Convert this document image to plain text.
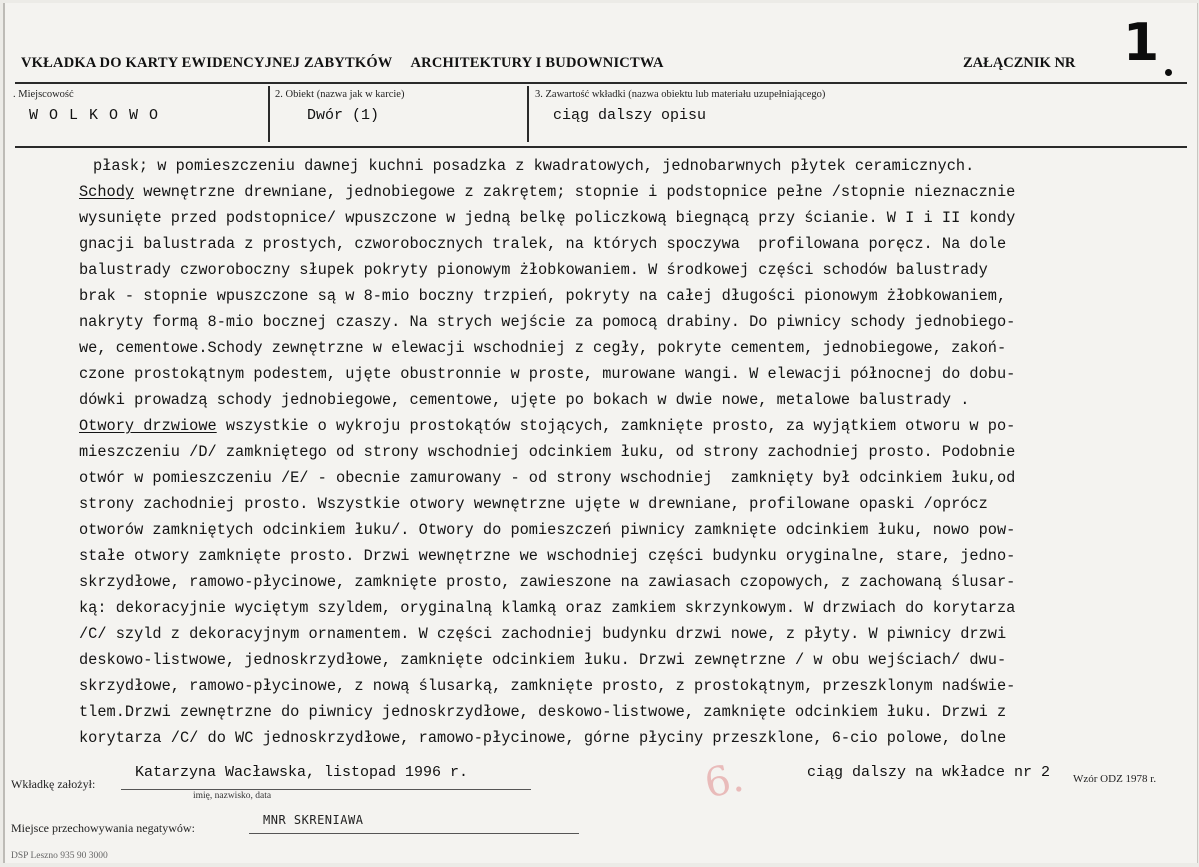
VKŁADKA DO KARTY EWIDENCYJNEJ ZABYTKÓW ARCHITEKTURY I BUDOWNICTWA	ZAŁĄCZNIK NR 1
. Miejscowość
W O L K O W O
2. Obiekt (nazwa jak w karcie)
Dwór (1)
3. Zawartość wkładki (nazwa obiektu lub materiału uzupełniającego)
ciąg dalszy opisu
płask; w pomieszczeniu dawnej kuchni posadzka z kwadratowych, jednobarwnych płytek ceramicznych.
Schody wewnętrzne drewniane, jednobiegowe z zakrętem; stopnie i podstopnice pełne /stopnie nieznacznie
wysunięte przed podstopnice/ wpuszczone w jedną belkę policzkową biegnącą przy ścianie. W I i II kondy
gnacji balustrada z prostych, czworobocznych tralek, na których spoczywa  profilowana poręcz. Na dole
balustrady czworoboczny słupek pokryty pionowym żłobkowaniem. W środkowej części schodów balustrady
brak - stopnie wpuszczone są w 8-mio boczny trzpień, pokryty na całej długości pionowym żłobkowaniem,
nakryty formą 8-mio bocznej czaszy. Na strych wejście za pomocą drabiny. Do piwnicy schody jednobiego-
we, cementowe.Schody zewnętrzne w elewacji wschodniej z cegły, pokryte cementem, jednobiegowe, zakoń-
czone prostokątnym podestem, ujęte obustronnie w proste, murowane wangi. W elewacji północnej do dobu-
dówki prowadzą schody jednobiegowe, cementowe, ujęte po bokach w dwie nowe, metalowe balustrady .
Otwory drzwiowe wszystkie o wykroju prostokątów stojących, zamknięte prosto, za wyjątkiem otworu w po-
mieszczeniu /D/ zamkniętego od strony wschodniej odcinkiem łuku, od strony zachodniej prosto. Podobnie
otwór w pomieszczeniu /E/ - obecnie zamurowany - od strony wschodniej  zamknięty był odcinkiem łuku,od
strony zachodniej prosto. Wszystkie otwory wewnętrzne ujęte w drewniane, profilowane opaski /oprócz
otworów zamkniętych odcinkiem łuku/. Otwory do pomieszczeń piwnicy zamknięte odcinkiem łuku, nowo pow-
stałe otwory zamknięte prosto. Drzwi wewnętrzne we wschodniej części budynku oryginalne, stare, jedno-
skrzydłowe, ramowo-płycinowe, zamknięte prosto, zawieszone na zawiasach czopowych, z zachowaną ślusar-
ką: dekoracyjnie wyciętym szyldem, oryginalną klamką oraz zamkiem skrzynkowym. W drzwiach do korytarza
/C/ szyld z dekoracyjnym ornamentem. W części zachodniej budynku drzwi nowe, z płyty. W piwnicy drzwi
deskowo-listwowe, jednoskrzydłowe, zamknięte odcinkiem łuku. Drzwi zewnętrzne / w obu wejściach/ dwu-
skrzydłowe, ramowo-płycinowe, z nową ślusarką, zamknięte prosto, z prostokątnym, przeszklonym nadświe-
tlem.Drzwi zewnętrzne do piwnicy jednoskrzydłowe, deskowo-listwowe, zamknięte odcinkiem łuku. Drzwi z
korytarza /C/ do WC jednoskrzydłowe, ramowo-płycinowe, górne płyciny przeszklone, 6-cio polowe, dolne
6.
Wkładkę założył:
Katarzyna Wacławska, listopad 1996 r.
imię, nazwisko, data
ciąg dalszy na wkładce nr 2 Wzór ODZ 1978 r.
Miejsce przechowywania negatywów:
MNR SKRENIAWA
DSP Leszno 935 90 3000
